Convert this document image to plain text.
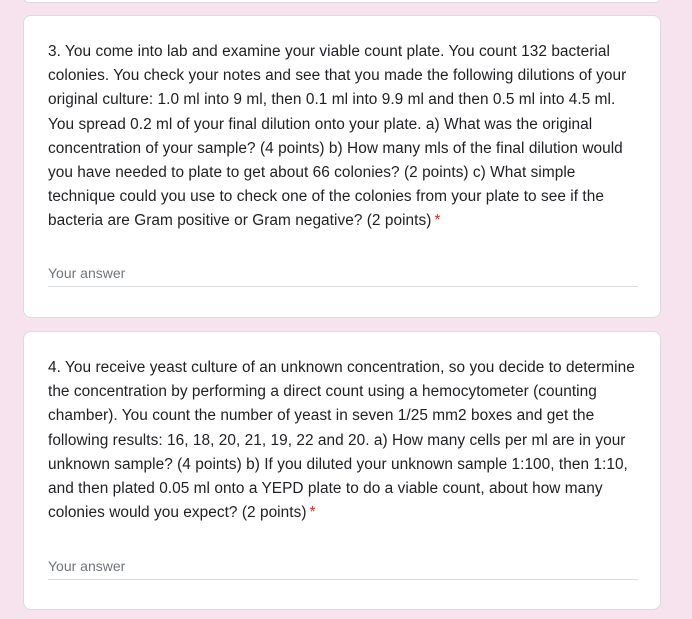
3. You come into lab and examine your viable count plate. You count 132 bacterial colonies. You check your notes and see that you made the following dilutions of your original culture: 1.0 ml into 9 ml, then 0.1 ml into 9.9 ml and then 0.5 ml into 4.5 ml. You spread 0.2 ml of your final dilution onto your plate. a) What was the original concentration of your sample? (4 points) b) How many mls of the final dilution would you have needed to plate to get about 66 colonies? (2 points) c) What simple technique could you use to check one of the colonies from your plate to see if the bacteria are Gram positive or Gram negative? (2 points) *

Your answer

4. You receive yeast culture of an unknown concentration, so you decide to determine the concentration by performing a direct count using a hemocytometer (counting chamber). You count the number of yeast in seven 1/25 mm2 boxes and get the following results: 16, 18, 20, 21, 19, 22 and 20. a) How many cells per ml are in your unknown sample? (4 points) b) If you diluted your unknown sample 1:100, then 1:10, and then plated 0.05 ml onto a YEPD plate to do a viable count, about how many colonies would you expect? (2 points) *

Your answer
